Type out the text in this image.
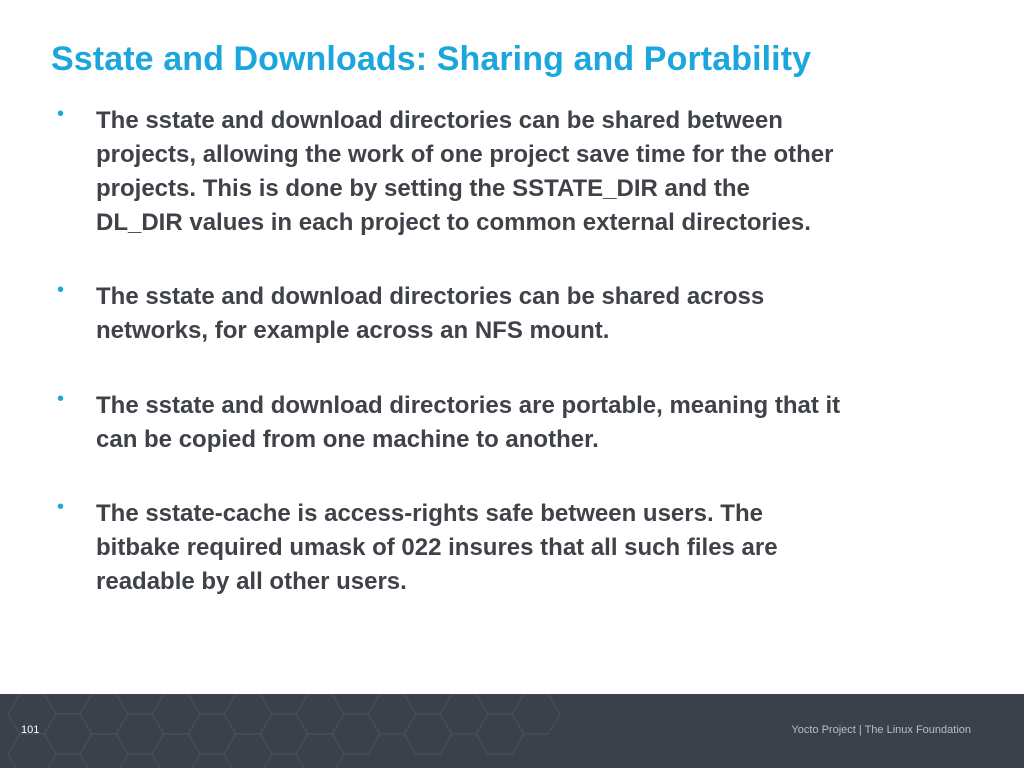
Sstate and Downloads: Sharing and Portability
• The sstate and download directories can be shared between
projects, allowing the work of one project save time for the other
projects. This is done by setting the SSTATE_DIR and the
DL_DIR values in each project to common external directories.
• The sstate and download directories can be shared across
networks, for example across an NFS mount.
• The sstate and download directories are portable, meaning that it
can be copied from one machine to another.
• The sstate-cache is access-rights safe between users. The
bitbake required umask of 022 insures that all such files are
readable by all other users.
101	Yocto Project | The Linux Foundation
